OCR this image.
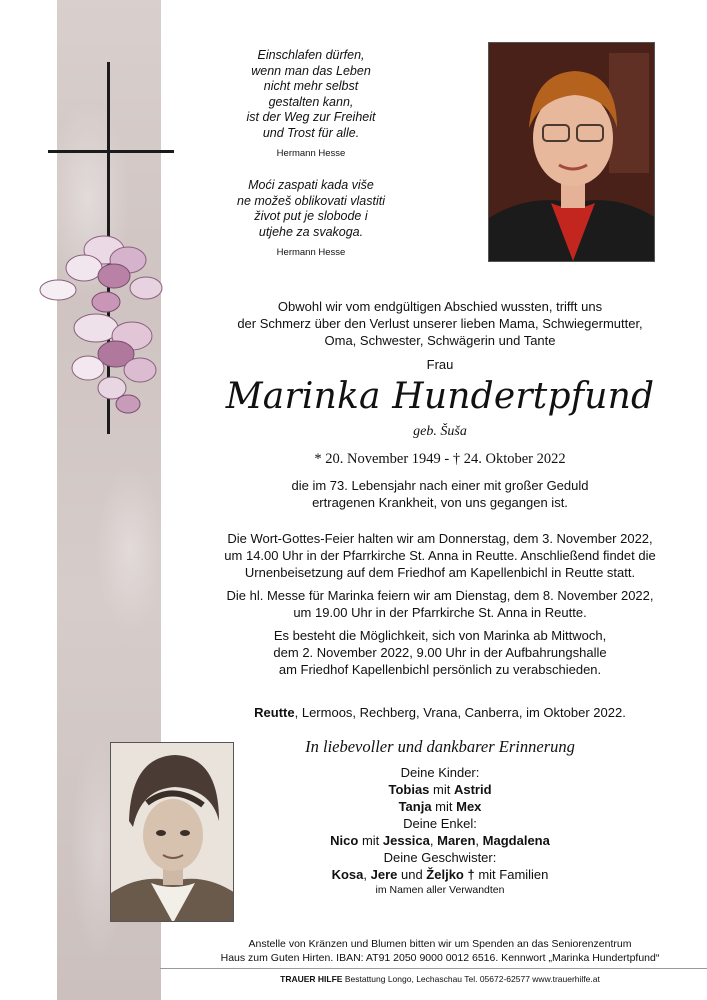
Einschlafen dürfen,
wenn man das Leben
nicht mehr selbst
gestalten kann,
ist der Weg zur Freiheit
und Trost für alle.
Hermann Hesse
Moći zaspati kada više
ne možeš oblikovati vlastiti
život put je slobode i
utjehe za svakoga.
Hermann Hesse
Obwohl wir vom endgültigen Abschied wussten, trifft uns
der Schmerz über den Verlust unserer lieben Mama, Schwiegermutter,
Oma, Schwester, Schwägerin und Tante
Frau
Marinka Hundertpfund
geb. Šuša
* 20. November 1949 - † 24. Oktober 2022
die im 73. Lebensjahr nach einer mit großer Geduld
ertragenen Krankheit, von uns gegangen ist.
Die Wort-Gottes-Feier halten wir am Donnerstag, dem 3. November 2022,
um 14.00 Uhr in der Pfarrkirche St. Anna in Reutte. Anschließend findet die
Urnenbeisetzung auf dem Friedhof am Kapellenbichl in Reutte statt.
Die hl. Messe für Marinka feiern wir am Dienstag, dem 8. November 2022,
um 19.00 Uhr in der Pfarrkirche St. Anna in Reutte.
Es besteht die Möglichkeit, sich von Marinka ab Mittwoch,
dem 2. November 2022, 9.00 Uhr in der Aufbahrungshalle
am Friedhof Kapellenbichl persönlich zu verabschieden.
Reutte, Lermoos, Rechberg, Vrana, Canberra, im Oktober 2022.
In liebevoller und dankbarer Erinnerung
Deine Kinder:
Tobias mit Astrid
Tanja mit Mex
Deine Enkel:
Nico mit Jessica, Maren, Magdalena
Deine Geschwister:
Kosa, Jere und Željko † mit Familien
im Namen aller Verwandten
Anstelle von Kränzen und Blumen bitten wir um Spenden an das Seniorenzentrum
Haus zum Guten Hirten. IBAN: AT91 2050 9000 0012 6516. Kennwort „Marinka Hundertpfund“
TRAUER HILFE Bestattung Longo, Lechaschau Tel. 05672-62577 www.trauerhilfe.at
